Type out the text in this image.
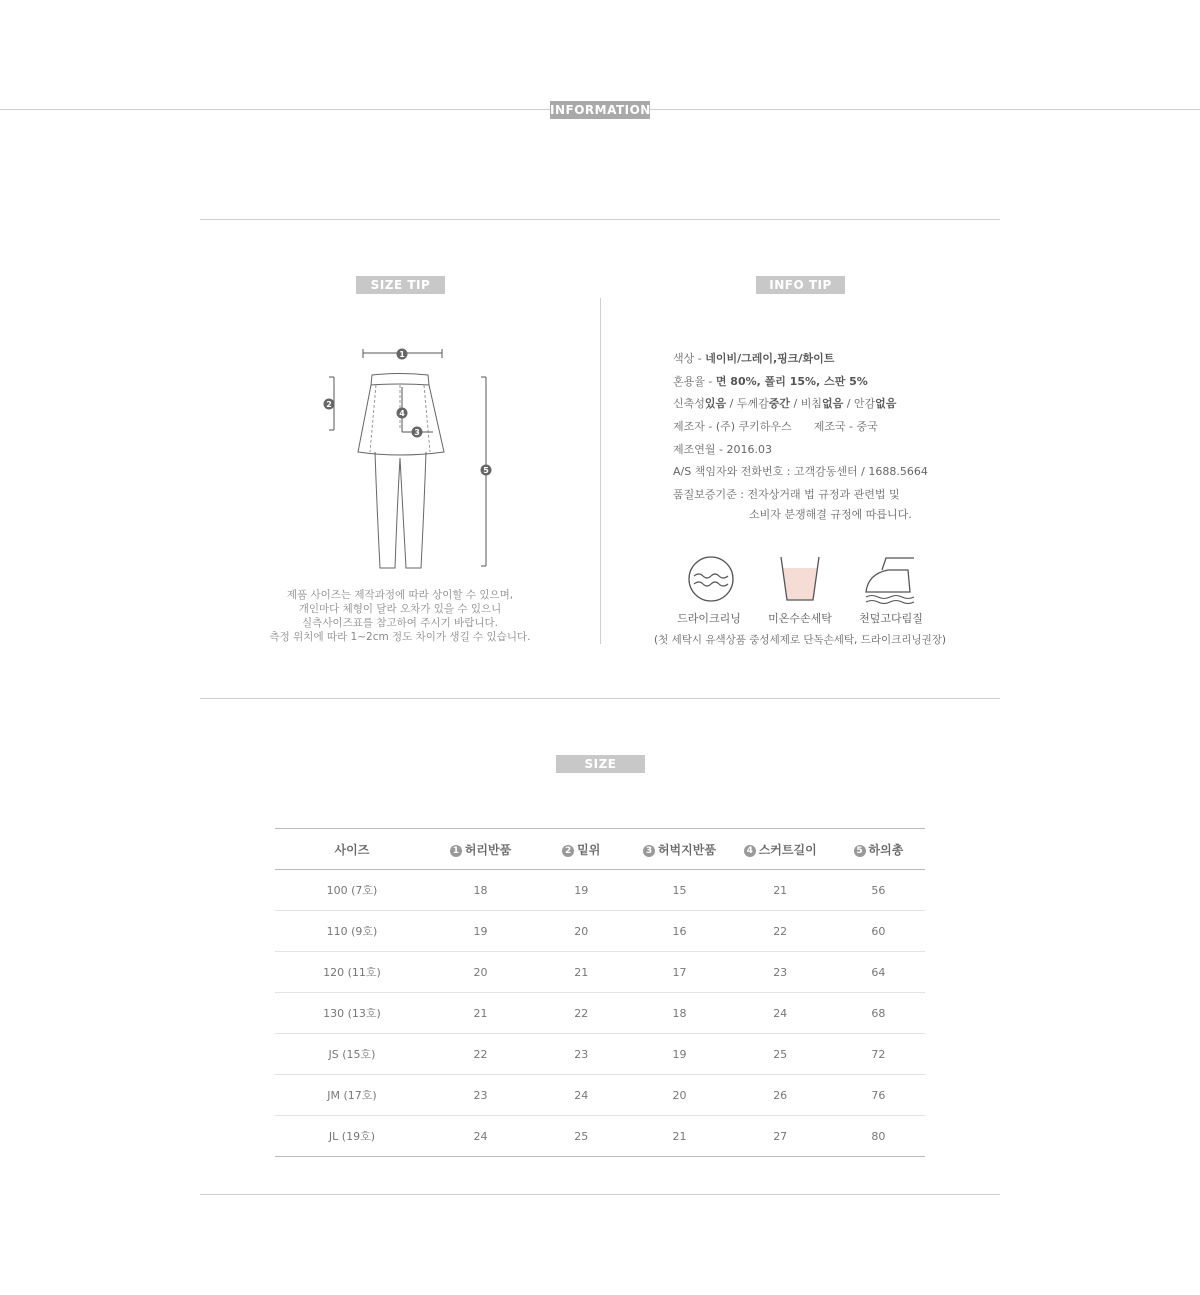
INFORMATION
SIZE TIP
1
2
3
4
5
제품 사이즈는 제작과정에 따라 상이할 수 있으며,
개인마다 체형이 달라 오차가 있을 수 있으니
실측사이즈표를 참고하여 주시기 바랍니다.
측정 위치에 따라 1~2cm 정도 차이가 생길 수 있습니다.
INFO TIP
색상 - 네이비/그레이,핑크/화이트
혼용율 - 면 80%, 폴리 15%, 스판 5%
신축성있음 / 두께감중간 / 비침없음 / 안감없음
제조자 - (주) 쿠키하우스 제조국 - 중국
제조연월 - 2016.03
A/S 책임자와 전화번호 : 고객감동센터 / 1688.5664
품질보증기준 : 전자상거래 법 규정과 관련법 및
소비자 분쟁해결 규정에 따릅니다.
드라이크리닝	미온수손세탁	천덮고다림질
(첫 세탁시 유색상품 중성세제로 단독손세탁, 드라이크리닝권장)
SIZE
사이즈	1 허리반품	2 밑위	3 허벅지반품	4 스커트길이	5 하의총
100 (7호)	18	19	15	21	56
110 (9호)	19	20	16	22	60
120 (11호)	20	21	17	23	64
130 (13호)	21	22	18	24	68
JS (15호)	22	23	19	25	72
JM (17호)	23	24	20	26	76
JL (19호)	24	25	21	27	80
